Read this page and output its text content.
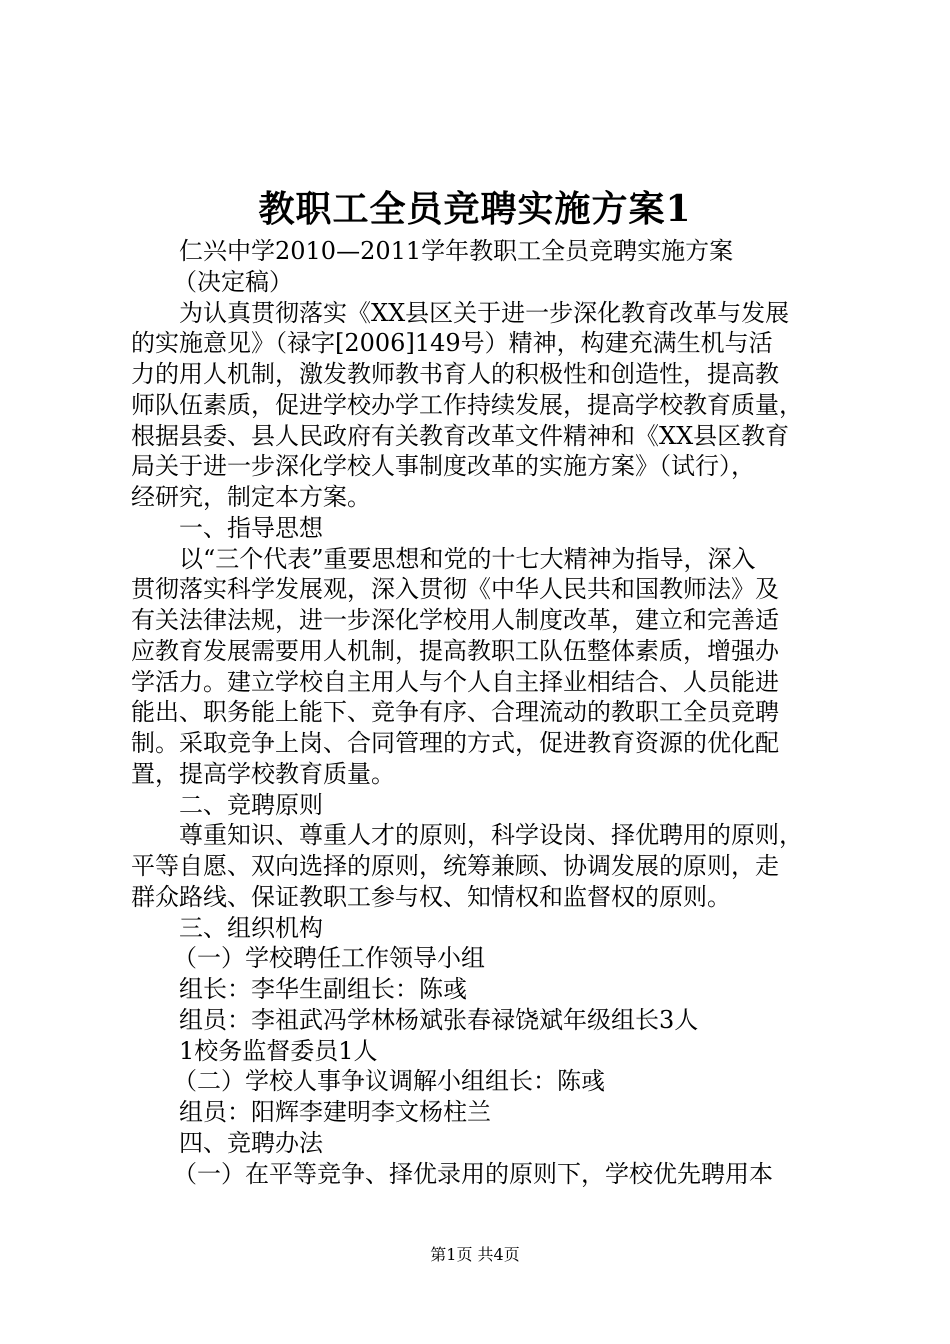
教职工全员竞聘实施方案1
仁兴中学2010—2011学年教职工全员竞聘实施方案
（决定稿）
为认真贯彻落实《XX县区关于进一步深化教育改革与发展
的实施意见》（禄字[2006]149号）精神，构建充满生机与活
力的用人机制，激发教师教书育人的积极性和创造性，提高教
师队伍素质，促进学校办学工作持续发展，提高学校教育质量，
根据县委、县人民政府有关教育改革文件精神和《XX县区教育
局关于进一步深化学校人事制度改革的实施方案》（试行），
经研究，制定本方案。
一、指导思想
以“三个代表”重要思想和党的十七大精神为指导，深入
贯彻落实科学发展观，深入贯彻《中华人民共和国教师法》及
有关法律法规，进一步深化学校用人制度改革，建立和完善适
应教育发展需要用人机制，提高教职工队伍整体素质，增强办
学活力。建立学校自主用人与个人自主择业相结合、人员能进
能出、职务能上能下、竞争有序、合理流动的教职工全员竞聘
制。采取竞争上岗、合同管理的方式，促进教育资源的优化配
置，提高学校教育质量。
二、竞聘原则
尊重知识、尊重人才的原则，科学设岗、择优聘用的原则，
平等自愿、双向选择的原则，统筹兼顾、协调发展的原则，走
群众路线、保证教职工参与权、知情权和监督权的原则。
三、组织机构
（一）学校聘任工作领导小组
组长：李华生副组长：陈彧
组员：李祖武冯学林杨斌张春禄饶斌年级组长3人
1校务监督委员1人
（二）学校人事争议调解小组组长：陈彧
组员：阳辉李建明李文杨柱兰
四、竞聘办法
（一）在平等竞争、择优录用的原则下，学校优先聘用本
第1页 共4页
